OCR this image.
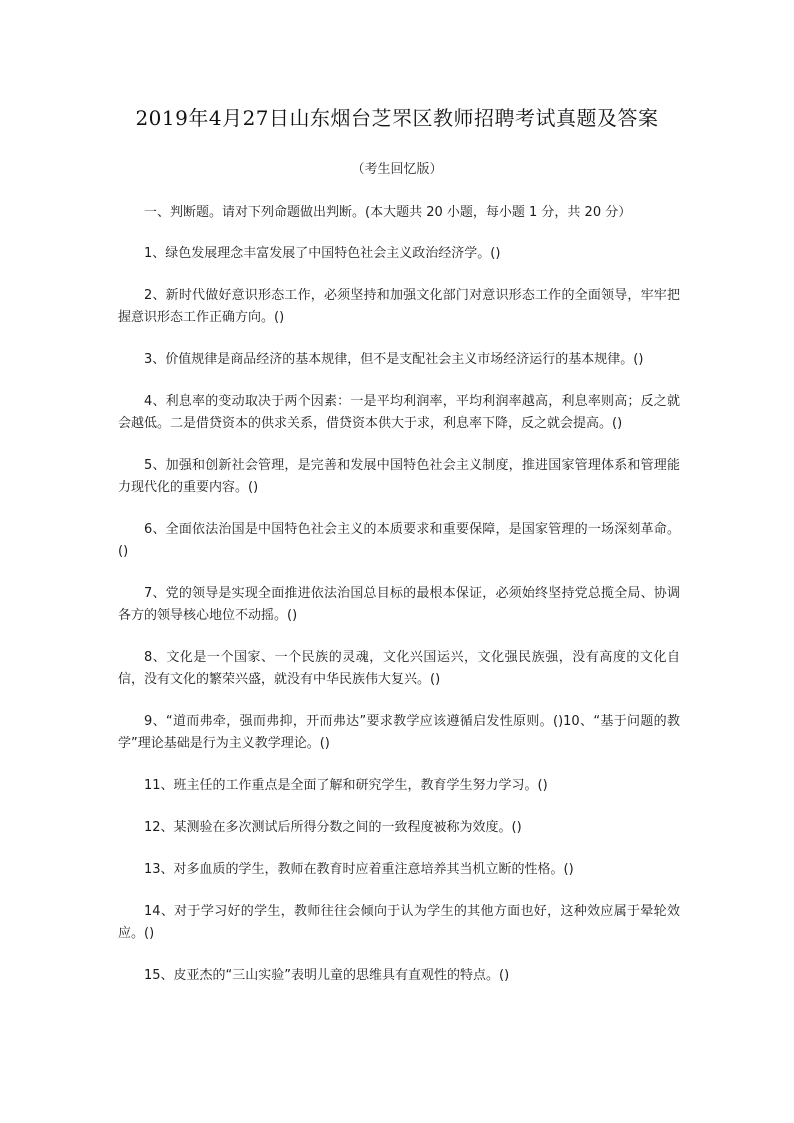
2019年4月27日山东烟台芝罘区教师招聘考试真题及答案
（考生回忆版）

一、判断题。请对下列命题做出判断。(本大题共 20 小题，每小题 1 分，共 20 分）

1、绿色发展理念丰富发展了中国特色社会主义政治经济学。()

2、新时代做好意识形态工作，必须坚持和加强文化部门对意识形态工作的全面领导，牢牢把握意识形态工作正确方向。()

3、价值规律是商品经济的基本规律，但不是支配社会主义市场经济运行的基本规律。()

4、利息率的变动取决于两个因素：一是平均利润率，平均利润率越高，利息率则高；反之就会越低。二是借贷资本的供求关系，借贷资本供大于求，利息率下降，反之就会提高。()

5、加强和创新社会管理，是完善和发展中国特色社会主义制度，推进国家管理体系和管理能力现代化的重要内容。()

6、全面依法治国是中国特色社会主义的本质要求和重要保障，是国家管理的一场深刻革命。()

7、党的领导是实现全面推进依法治国总目标的最根本保证，必须始终坚持党总揽全局、协调各方的领导核心地位不动摇。()

8、文化是一个国家、一个民族的灵魂，文化兴国运兴，文化强民族强，没有高度的文化自信，没有文化的繁荣兴盛，就没有中华民族伟大复兴。()

9、“道而弗牵，强而弗抑，开而弗达”要求教学应该遵循启发性原则。()10、“基于问题的教学”理论基础是行为主义教学理论。()

11、班主任的工作重点是全面了解和研究学生，教育学生努力学习。()

12、某测验在多次测试后所得分数之间的一致程度被称为效度。()

13、对多血质的学生，教师在教育时应着重注意培养其当机立断的性格。()

14、对于学习好的学生，教师往往会倾向于认为学生的其他方面也好，这种效应属于晕轮效应。()

15、皮亚杰的“三山实验”表明儿童的思维具有直观性的特点。()
